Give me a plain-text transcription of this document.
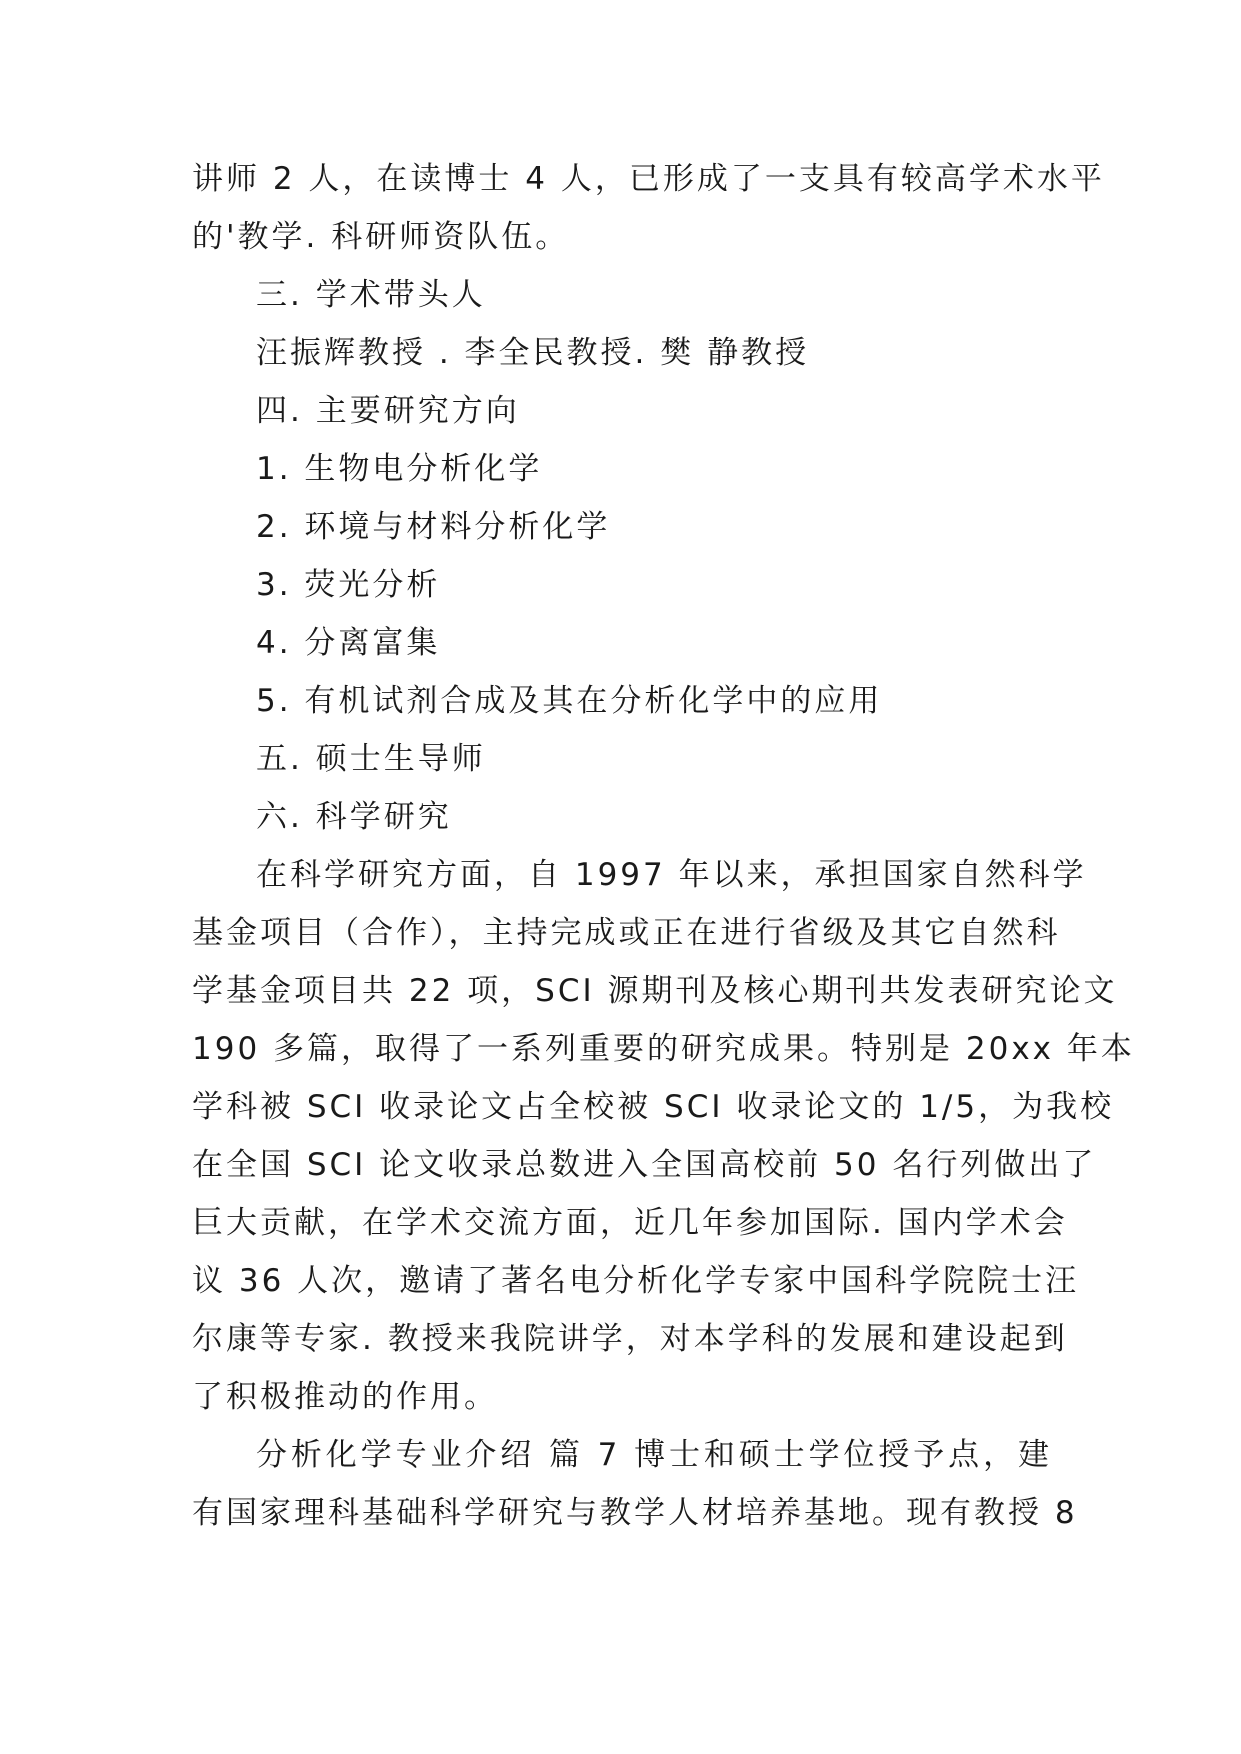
讲师 2 人，在读博士 4 人，已形成了一支具有较高学术水平
的'教学. 科研师资队伍。
三. 学术带头人
汪振辉教授 . 李全民教授. 樊 静教授
四. 主要研究方向
1. 生物电分析化学
2. 环境与材料分析化学
3. 荧光分析
4. 分离富集
5. 有机试剂合成及其在分析化学中的应用
五. 硕士生导师
六. 科学研究
在科学研究方面，自 1997 年以来，承担国家自然科学
基金项目（合作），主持完成或正在进行省级及其它自然科
学基金项目共 22 项，SCI 源期刊及核心期刊共发表研究论文
190 多篇，取得了一系列重要的研究成果。特别是 20xx 年本
学科被 SCI 收录论文占全校被 SCI 收录论文的 1/5，为我校
在全国 SCI 论文收录总数进入全国高校前 50 名行列做出了
巨大贡献，在学术交流方面，近几年参加国际. 国内学术会
议 36 人次，邀请了著名电分析化学专家中国科学院院士汪
尔康等专家. 教授来我院讲学，对本学科的发展和建设起到
了积极推动的作用。
分析化学专业介绍 篇 7 博士和硕士学位授予点，建
有国家理科基础科学研究与教学人材培养基地。现有教授 8
